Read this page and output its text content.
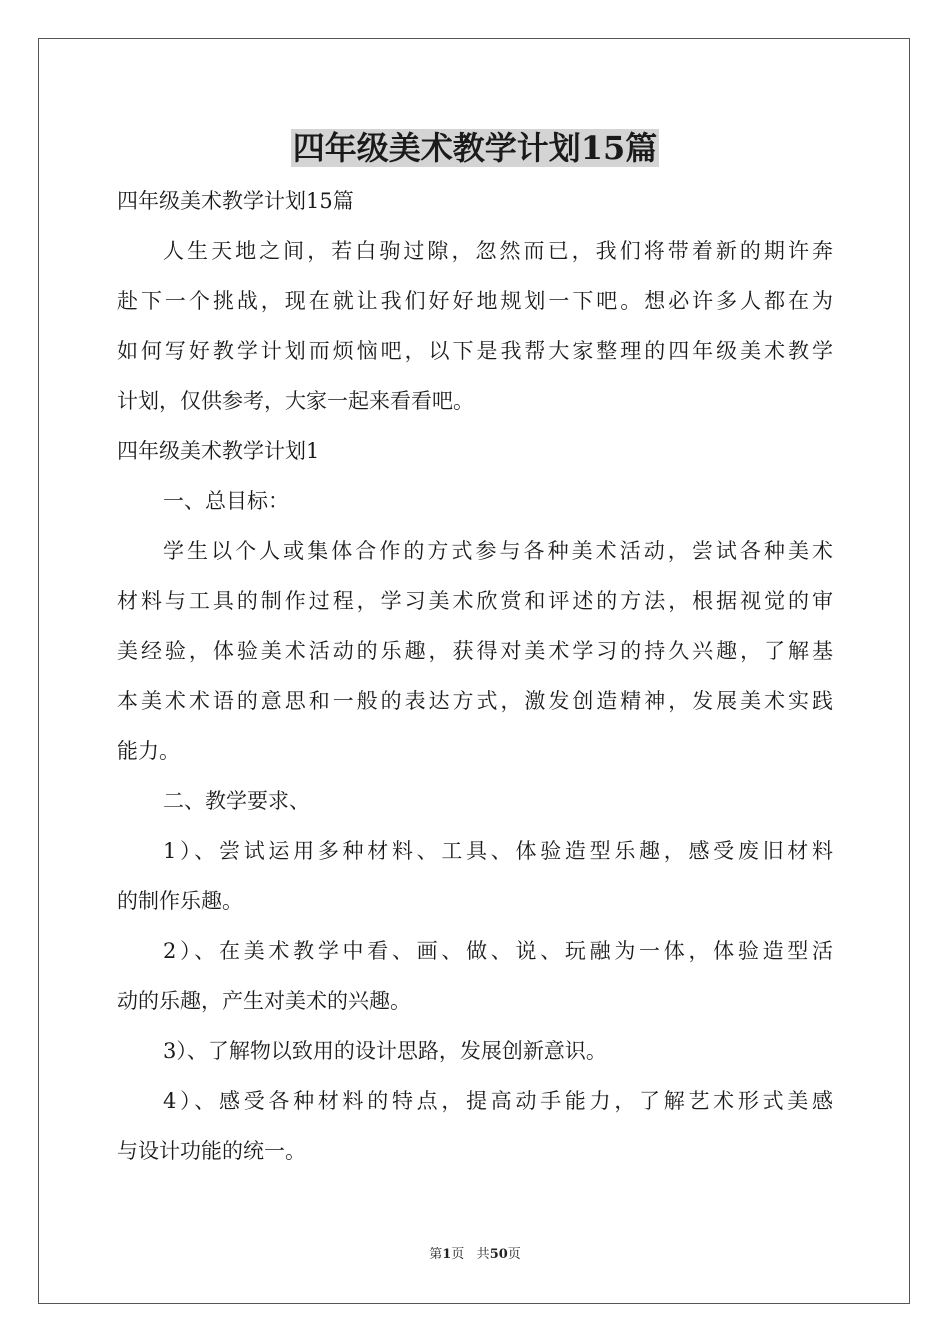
四年级美术教学计划15篇
四年级美术教学计划15篇
人生天地之间，若白驹过隙，忽然而已，我们将带着新的期许奔
赴下一个挑战，现在就让我们好好地规划一下吧。想必许多人都在为
如何写好教学计划而烦恼吧，以下是我帮大家整理的四年级美术教学
计划，仅供参考，大家一起来看看吧。
四年级美术教学计划1
一、总目标：
学生以个人或集体合作的方式参与各种美术活动，尝试各种美术
材料与工具的制作过程，学习美术欣赏和评述的方法，根据视觉的审
美经验，体验美术活动的乐趣，获得对美术学习的持久兴趣，了解基
本美术术语的意思和一般的表达方式，激发创造精神，发展美术实践
能力。
二、教学要求、
1）、尝试运用多种材料、工具、体验造型乐趣，感受废旧材料
的制作乐趣。
2）、在美术教学中看、画、做、说、玩融为一体，体验造型活
动的乐趣，产生对美术的兴趣。
3）、了解物以致用的设计思路，发展创新意识。
4）、感受各种材料的特点，提高动手能力，了解艺术形式美感
与设计功能的统一。
第1页 共50页
